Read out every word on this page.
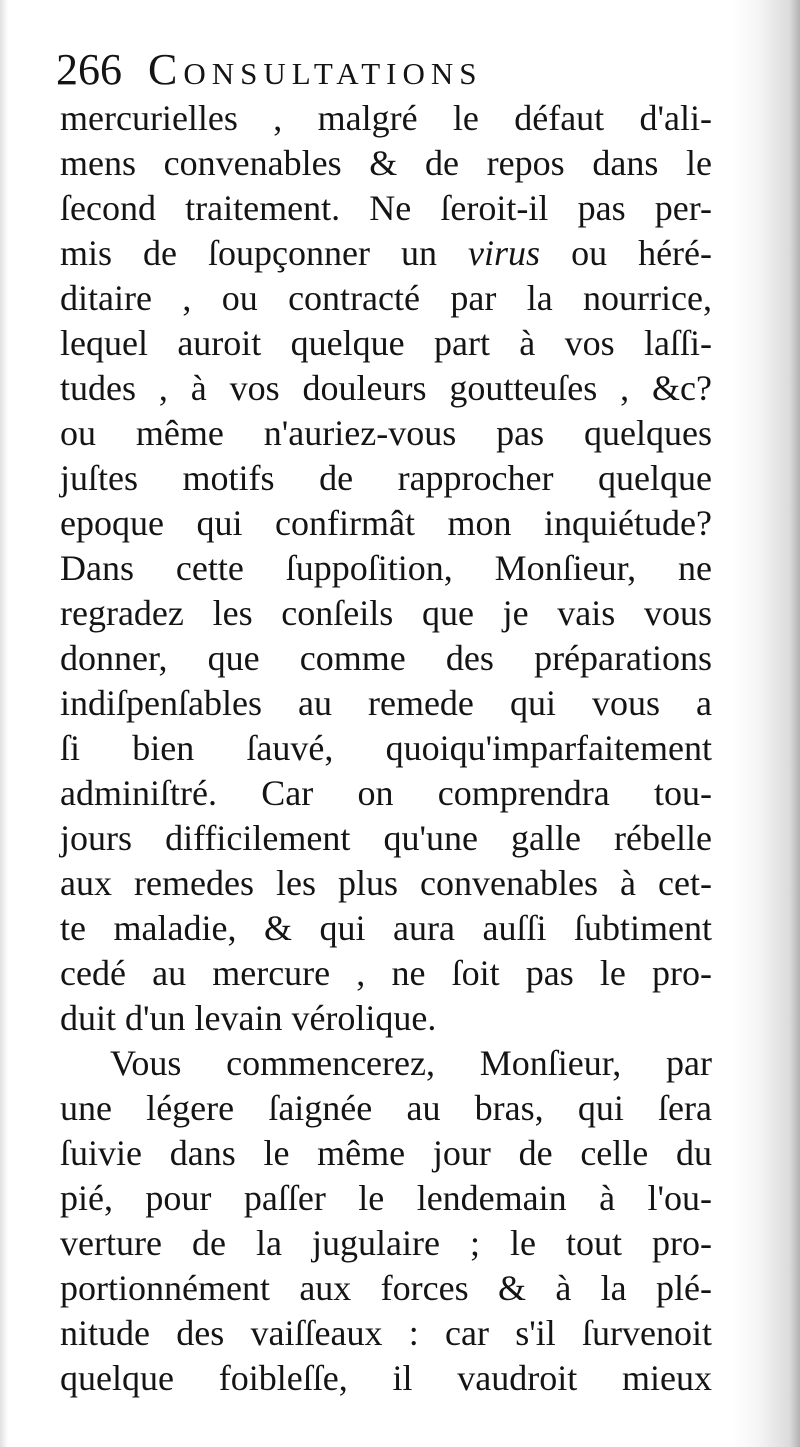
266 Consultations
mercurielles , malgré le défaut d'ali-
mens convenables & de repos dans le
ſecond traitement. Ne ſeroit-il pas per-
mis de ſoupçonner un virus ou héré-
ditaire , ou contracté par la nourrice,
lequel auroit quelque part à vos laſſi-
tudes , à vos douleurs goutteuſes , &c?
ou même n'auriez-vous pas quelques
juſtes motifs de rapprocher quelque
epoque qui confirmât mon inquiétude?
Dans cette ſuppoſition, Monſieur, ne
regradez les conſeils que je vais vous
donner, que comme des préparations
indiſpenſables au remede qui vous a
ſi bien ſauvé, quoiqu'imparfaitement
adminiſtré. Car on comprendra tou-
jours difficilement qu'une galle rébelle
aux remedes les plus convenables à cet-
te maladie, & qui aura auſſi ſubtiment
cedé au mercure , ne ſoit pas le pro-
duit d'un levain vérolique.
Vous commencerez, Monſieur, par
une légere ſaignée au bras, qui ſera
ſuivie dans le même jour de celle du
pié, pour paſſer le lendemain à l'ou-
verture de la jugulaire ; le tout pro-
portionnément aux forces & à la plé-
nitude des vaiſſeaux : car s'il ſurvenoit
quelque foibleſſe, il vaudroit mieux
